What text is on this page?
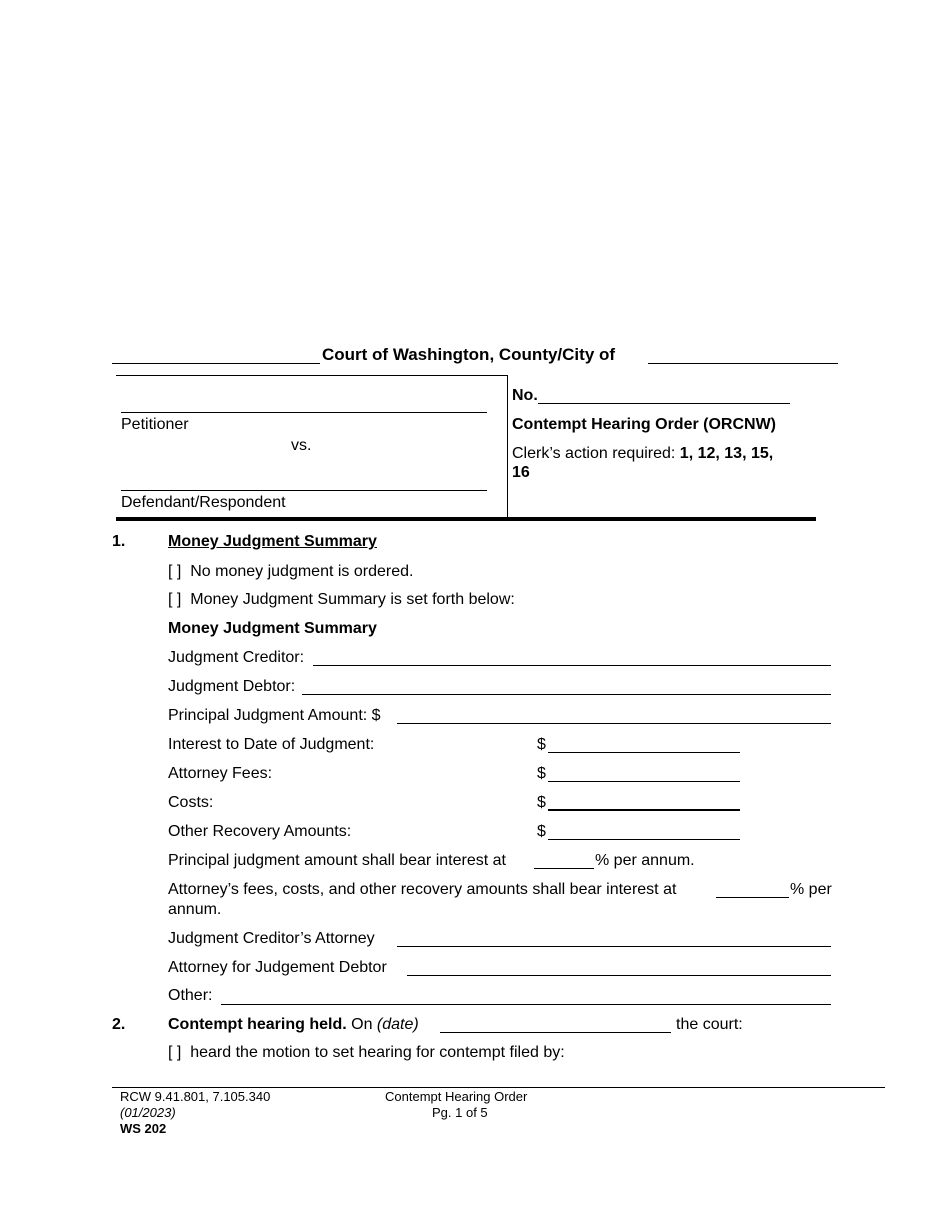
Court of Washington, County/City of
Petitioner
vs.
Defendant/Respondent
No.
Contempt Hearing Order (ORCNW)
Clerk’s action required: 1, 12, 13, 15,
16
1.	Money Judgment Summary
[ ] No money judgment is ordered.
[ ] Money Judgment Summary is set forth below:
Money Judgment Summary
Judgment Creditor:
Judgment Debtor:
Principal Judgment Amount: $
Interest to Date of Judgment:	$
Attorney Fees:	$
Costs:	$
Other Recovery Amounts:	$
Principal judgment amount shall bear interest at	% per annum.
Attorney’s fees, costs, and other recovery amounts shall bear interest at	% per
annum.
Judgment Creditor’s Attorney
Attorney for Judgement Debtor
Other:
2.	Contempt hearing held. On (date)	the court:
[ ] heard the motion to set hearing for contempt filed by:
RCW 9.41.801, 7.105.340
(01/2023)
WS 202
Contempt Hearing Order
Pg. 1 of 5
